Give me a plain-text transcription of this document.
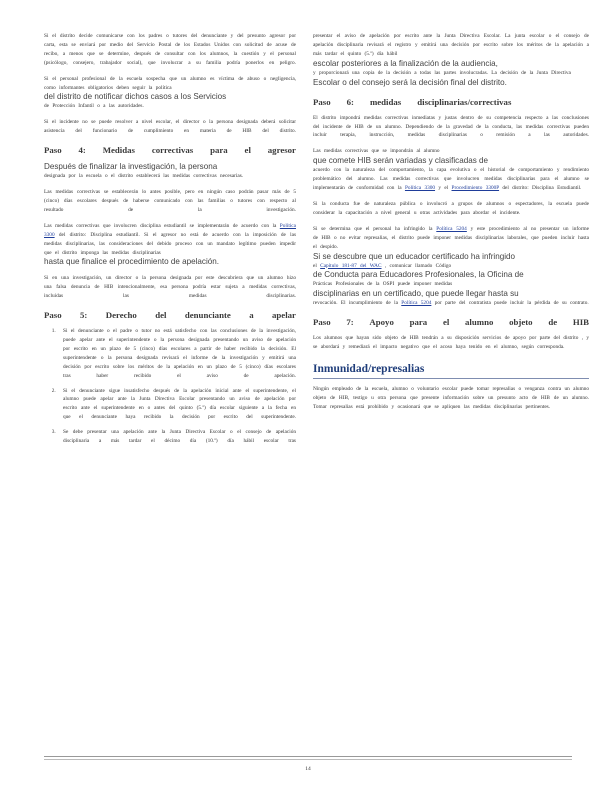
Si el distrito decide comunicarse con los padres o tutores del denunciante y del presunto agresor por carta, esta se enviará por medio del Servicio Postal de los Estados Unidos con solicitud de acuse de recibo, a menos que se determine, después de consultar con los alumnos, la cuestión y el personal (psicólogo, consejero, trabajador social), que involucrar a su familia podría ponerlos en peligro.

Si el personal profesional de la escuela sospecha que un alumno es víctima de abuso o negligencia, como informantes obligatorios deben seguir la política
del distrito de notificar dichos casos a los Servicios

de Protección Infantil o a las autoridades.

Si el incidente no se puede resolver a nivel escolar, el director o la persona designada deberá solicitar asistencia del funcionario de cumplimiento en materia de HIB del distrito.

Paso 4: Medidas correctivas para el agresor

Después de finalizar la investigación, la persona
designada por la escuela o el distrito establecerá las medidas correctivas necesarias.

Las medidas correctivas se establecerán lo antes posible, pero en ningún caso podrán pasar más de 5 (cinco) días escolares después de haberse comunicado con las familias o tutores con respecto al resultado de la investigación.

Las medidas correctivas que involucren disciplina estudiantil se implementarán de acuerdo con la Política 3300 del distrito: Disciplina estudiantil. Si el agresor no está de acuerdo con la imposición de las medidas disciplinarias, las consideraciones del debido proceso con un mandato legítimo pueden impedir que el distrito imponga las medidas disciplinarias
hasta que finalice el procedimiento de apelación.

Si en una investigación, un director o la persona designada por este descubriera que un alumno hizo una falsa denuncia de HIB intencionalmente, esa persona podría estar sujeta a medidas correctivas, incluidas las medidas disciplinarias.

Paso 5: Derecho del denunciante a apelar
1. Si el denunciante o el padre o tutor no está satisfecho con las conclusiones de la investigación, puede apelar ante el superintendente o la persona designada presentando un aviso de apelación por escrito en un plazo de 5 (cinco) días escolares a partir de haber recibido la decisión. El superintendente o la persona designada revisará el informe de la investigación y emitirá una decisión por escrito sobre los méritos de la apelación en un plazo de 5 (cinco) días escolares tras haber recibido el aviso de apelación.
2. Si el denunciante sigue insatisfecho después de la apelación inicial ante el superintendente, el alumno puede apelar ante la Junta Directiva Escolar presentando un aviso de apelación por escrito ante el superintendente en o antes del quinto (5.º) día escolar siguiente a la fecha en que el denunciante haya recibido la decisión por escrito del superintendente.
3. Se debe presentar una apelación ante la Junta Directiva Escolar o el consejo de apelación disciplinaria a más tardar el décimo día (10.º) día hábil escolar tras

presentar el aviso de apelación por escrito ante la Junta Directiva Escolar. La junta escolar o el consejo de apelación disciplinaria revisará el registro y emitirá una decisión por escrito sobre los méritos de la apelación a más tardar el quinto (5.º) día hábil
escolar posteriores a la finalización de la audiencia,
y proporcionará una copia de la decisión a todas las partes involucradas. La decisión de la Junta Directiva
Escolar o del consejo será la decisión final del distrito.

Paso 6: medidas disciplinarias/correctivas

El distrito impondrá medidas correctivas inmediatas y justas dentro de su competencia respecto a las conclusiones del incidente de HIB de un alumno. Dependiendo de la gravedad de la conducta, las medidas correctivas pueden incluir terapia, instrucción, medidas disciplinarias o remisión a las autoridades.

Las medidas correctivas que se impondrán al alumno
que comete HIB serán variadas y clasificadas de
acuerdo con la naturaleza del comportamiento, la capa evolutiva o el historial de comportamiento y rendimiento problemático del alumno. Las medidas correctivas que involucren medidas disciplinarias para el alumno se implementarán de conformidad con la Política 3300 y el Procedimiento 3300P del distrito: Disciplina Estudiantil.

Si la conducta fue de naturaleza pública o involucró a grupos de alumnos o espectadores, la escuela puede considerar la capacitación a nivel general u otras actividades para abordar el incidente.

Si se determina que el personal ha infringido la Política 5204 y este procedimiento al no presentar un informe de HIB o no evitar represalias, el distrito puede imponer medidas disciplinarias laborales, que pueden incluir hasta el despido.
Si se descubre que un educador certificado ha infringido
el Capítulo 181-87 del WAC , comunicar llamado Código
de Conducta para Educadores Profesionales, la Oficina de
Prácticas Profesionales de la OSPI puede imponer medidas
disciplinarias en un certificado, que puede llegar hasta su
revocación. El incumplimiento de la Política 5204 por parte del contratista puede incluir la pérdida de su contrato.

Paso 7: Apoyo para el alumno objeto de HIB

Los alumnos que hayan sido objeto de HIB tendrán a su disposición servicios de apoyo por parte del distrito , y se abordará y remediará el impacto negativo que el acoso haya tenido en el alumno, según corresponda.

Inmunidad/represalias

Ningún empleado de la escuela, alumno o voluntario escolar puede tomar represalias o venganza contra un alumno objeto de HIB, testigo u otra persona que presente información sobre un presunto acto de HIB de un alumno. Tomar represalias está prohibido y ocasionará que se apliquen las medidas disciplinarias pertinentes.

14
